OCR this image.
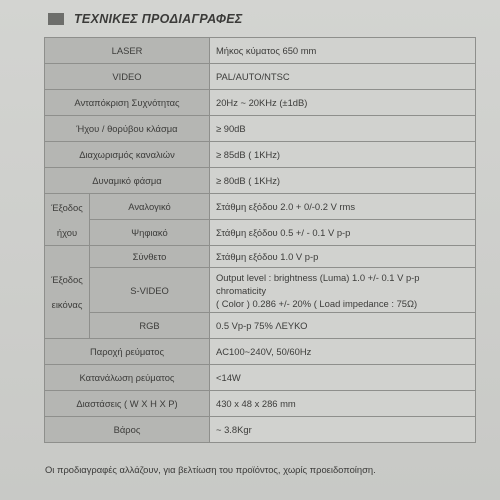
ΤΕΧΝΙΚΕΣ ΠΡΟΔΙΑΓΡΑΦΕΣ
LASER		Μήκος κύματος 650 mm
VIDEO		PAL/AUTO/NTSC
Ανταπόκριση Συχνότητας		20Hz ~ 20KHz (±1dB)
Ήχου / θορύβου κλάσμα		≥ 90dB
Διαχωρισμός καναλιών		≥ 85dB ( 1KHz)
Δυναμικό φάσμα		≥ 80dB ( 1KHz)
Έξοδος ήχου	Αναλογικό	Στάθμη εξόδου 2.0 + 0/-0.2 V rms
	Ψηφιακό	Στάθμη εξόδου 0.5 +/ - 0.1 V p-p
Έξοδος εικόνας	Σύνθετο	Στάθμη εξόδου 1.0 V p-p
	S-VIDEO	Output level : brightness (Luma) 1.0 +/- 0.1 V p-p chromaticity
( Color ) 0.286 +/- 20% ( Load impedance : 75Ω)

	RGB	0.5 Vp-p 75% ΛΕΥΚΟ
Παροχή ρεύματος		AC100~240V, 50/60Hz
Κατανάλωση ρεύματος		<14W
Διαστάσεις ( W X H X P)		430 x 48 x 286 mm
Βάρος		~ 3.8Kgr
Οι προδιαγραφές αλλάζουν, για βελτίωση του προϊόντος, χωρίς προειδοποίηση.
